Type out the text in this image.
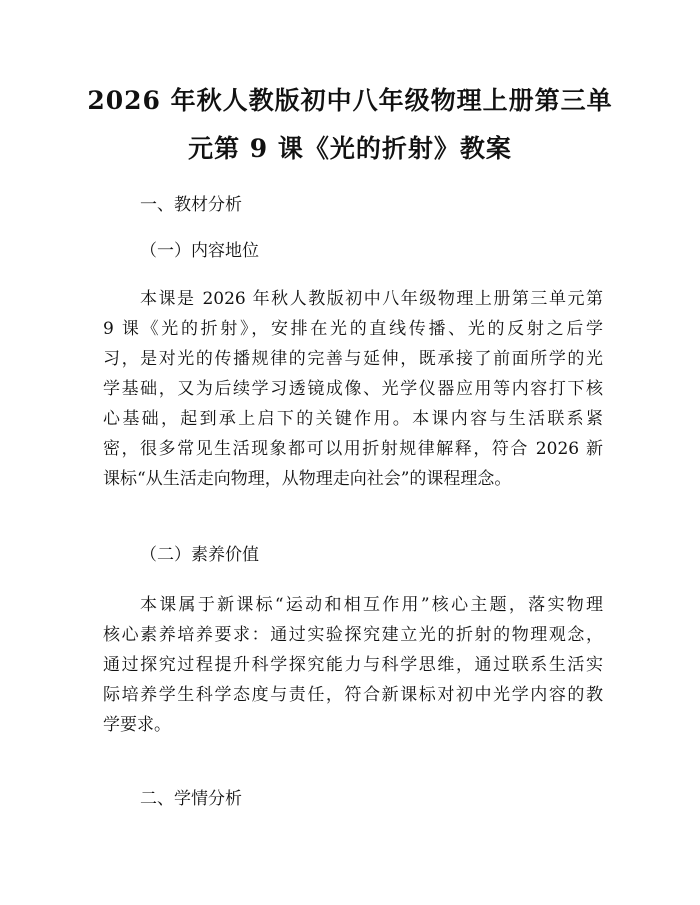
2026 年秋人教版初中八年级物理上册第三单
元第 9 课《光的折射》教案
一、教材分析
（一）内容地位
本课是 2026 年秋人教版初中八年级物理上册第三单元第
9 课《光的折射》，安排在光的直线传播、光的反射之后学
习，是对光的传播规律的完善与延伸，既承接了前面所学的光
学基础，又为后续学习透镜成像、光学仪器应用等内容打下核
心基础，起到承上启下的关键作用。本课内容与生活联系紧
密，很多常见生活现象都可以用折射规律解释，符合 2026 新
课标“从生活走向物理，从物理走向社会”的课程理念。
（二）素养价值
本课属于新课标“运动和相互作用”核心主题，落实物理
核心素养培养要求：通过实验探究建立光的折射的物理观念，
通过探究过程提升科学探究能力与科学思维，通过联系生活实
际培养学生科学态度与责任，符合新课标对初中光学内容的教
学要求。
二、学情分析
